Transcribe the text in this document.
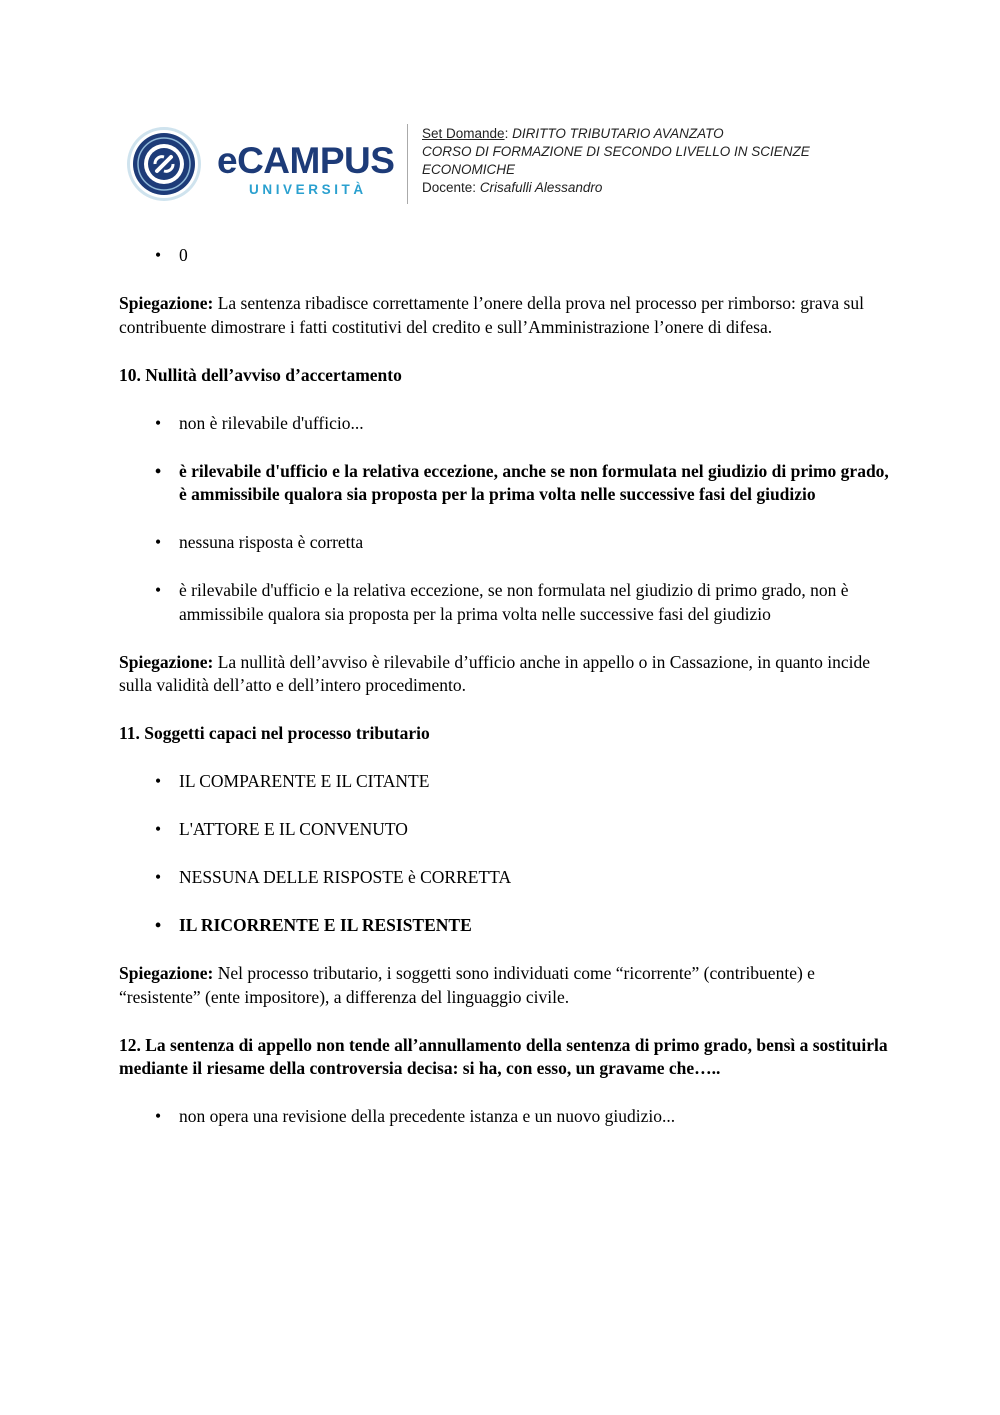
eCAMPUS
UNIVERSITÀ
Set Domande: DIRITTO TRIBUTARIO AVANZATO
CORSO DI FORMAZIONE DI SECONDO LIVELLO IN SCIENZE
ECONOMICHE
Docente: Crisafulli Alessandro
• 0

Spiegazione: La sentenza ribadisce correttamente l’onere della prova nel processo per rimborso: grava sul contribuente dimostrare i fatti costitutivi del credito e sull’Amministrazione l’onere di difesa.

10. Nullità dell’avviso d’accertamento

• non è rilevabile d'ufficio...
• è rilevabile d'ufficio e la relativa eccezione, anche se non formulata nel giudizio di primo grado, è ammissibile qualora sia proposta per la prima volta nelle successive fasi del giudizio
• nessuna risposta è corretta
• è rilevabile d'ufficio e la relativa eccezione, se non formulata nel giudizio di primo grado, non è ammissibile qualora sia proposta per la prima volta nelle successive fasi del giudizio

Spiegazione: La nullità dell’avviso è rilevabile d’ufficio anche in appello o in Cassazione, in quanto incide sulla validità dell’atto e dell’intero procedimento.

11. Soggetti capaci nel processo tributario

• IL COMPARENTE E IL CITANTE
• L'ATTORE E IL CONVENUTO
• NESSUNA DELLE RISPOSTE è CORRETTA
• IL RICORRENTE E IL RESISTENTE

Spiegazione: Nel processo tributario, i soggetti sono individuati come “ricorrente” (contribuente) e “resistente” (ente impositore), a differenza del linguaggio civile.

12. La sentenza di appello non tende all’annullamento della sentenza di primo grado, bensì a sostituirla mediante il riesame della controversia decisa: si ha, con esso, un gravame che…..

• non opera una revisione della precedente istanza e un nuovo giudizio...
